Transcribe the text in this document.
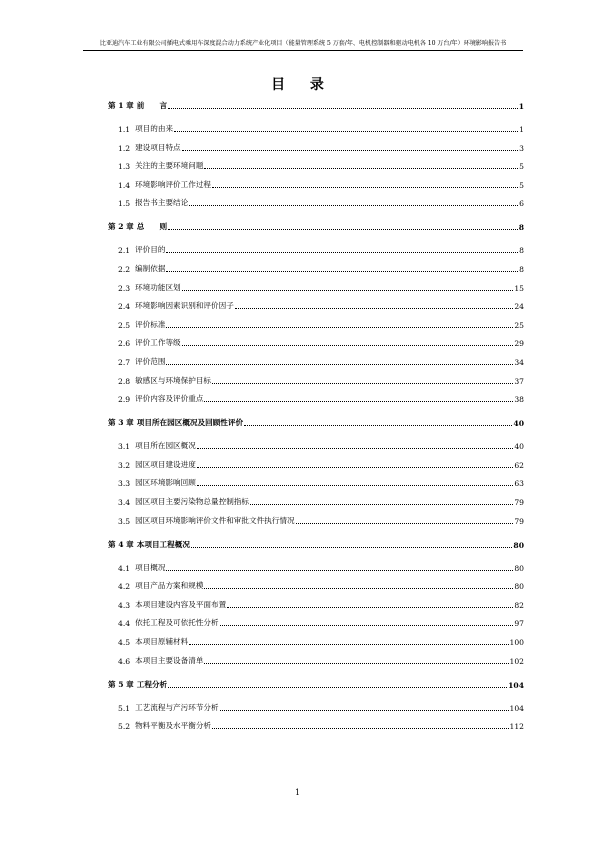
比亚迪汽车工业有限公司插电式乘用车深度混合动力系统产业化项目（能量管理系统 5 万套/年、电机控制器和驱动电机各 10 万台/年）环境影响报告书
目 录
第 1 章 前　　言	1
1.1 项目的由来	1
1.2 建设项目特点	3
1.3 关注的主要环境问题	5
1.4 环境影响评价工作过程	5
1.5 报告书主要结论	6
第 2 章 总　　则	8
2.1 评价目的	8
2.2 编制依据	8
2.3 环境功能区划	15
2.4 环境影响因素识别和评价因子	24
2.5 评价标准	25
2.6 评价工作等级	29
2.7 评价范围	34
2.8 敏感区与环境保护目标	37
2.9 评价内容及评价重点	38
第 3 章 项目所在园区概况及回顾性评价	40
3.1 项目所在园区概况	40
3.2 园区项目建设进度	62
3.3 园区环境影响回顾	63
3.4 园区项目主要污染物总量控制指标	79
3.5 园区项目环境影响评价文件和审批文件执行情况	79
第 4 章 本项目工程概况	80
4.1 项目概况	80
4.2 项目产品方案和规模	80
4.3 本项目建设内容及平面布置	82
4.4 依托工程及可依托性分析	97
4.5 本项目原辅材料	100
4.6 本项目主要设备清单	102
第 5 章 工程分析	104
5.1 工艺流程与产污环节分析	104
5.2 物料平衡及水平衡分析	112
1
